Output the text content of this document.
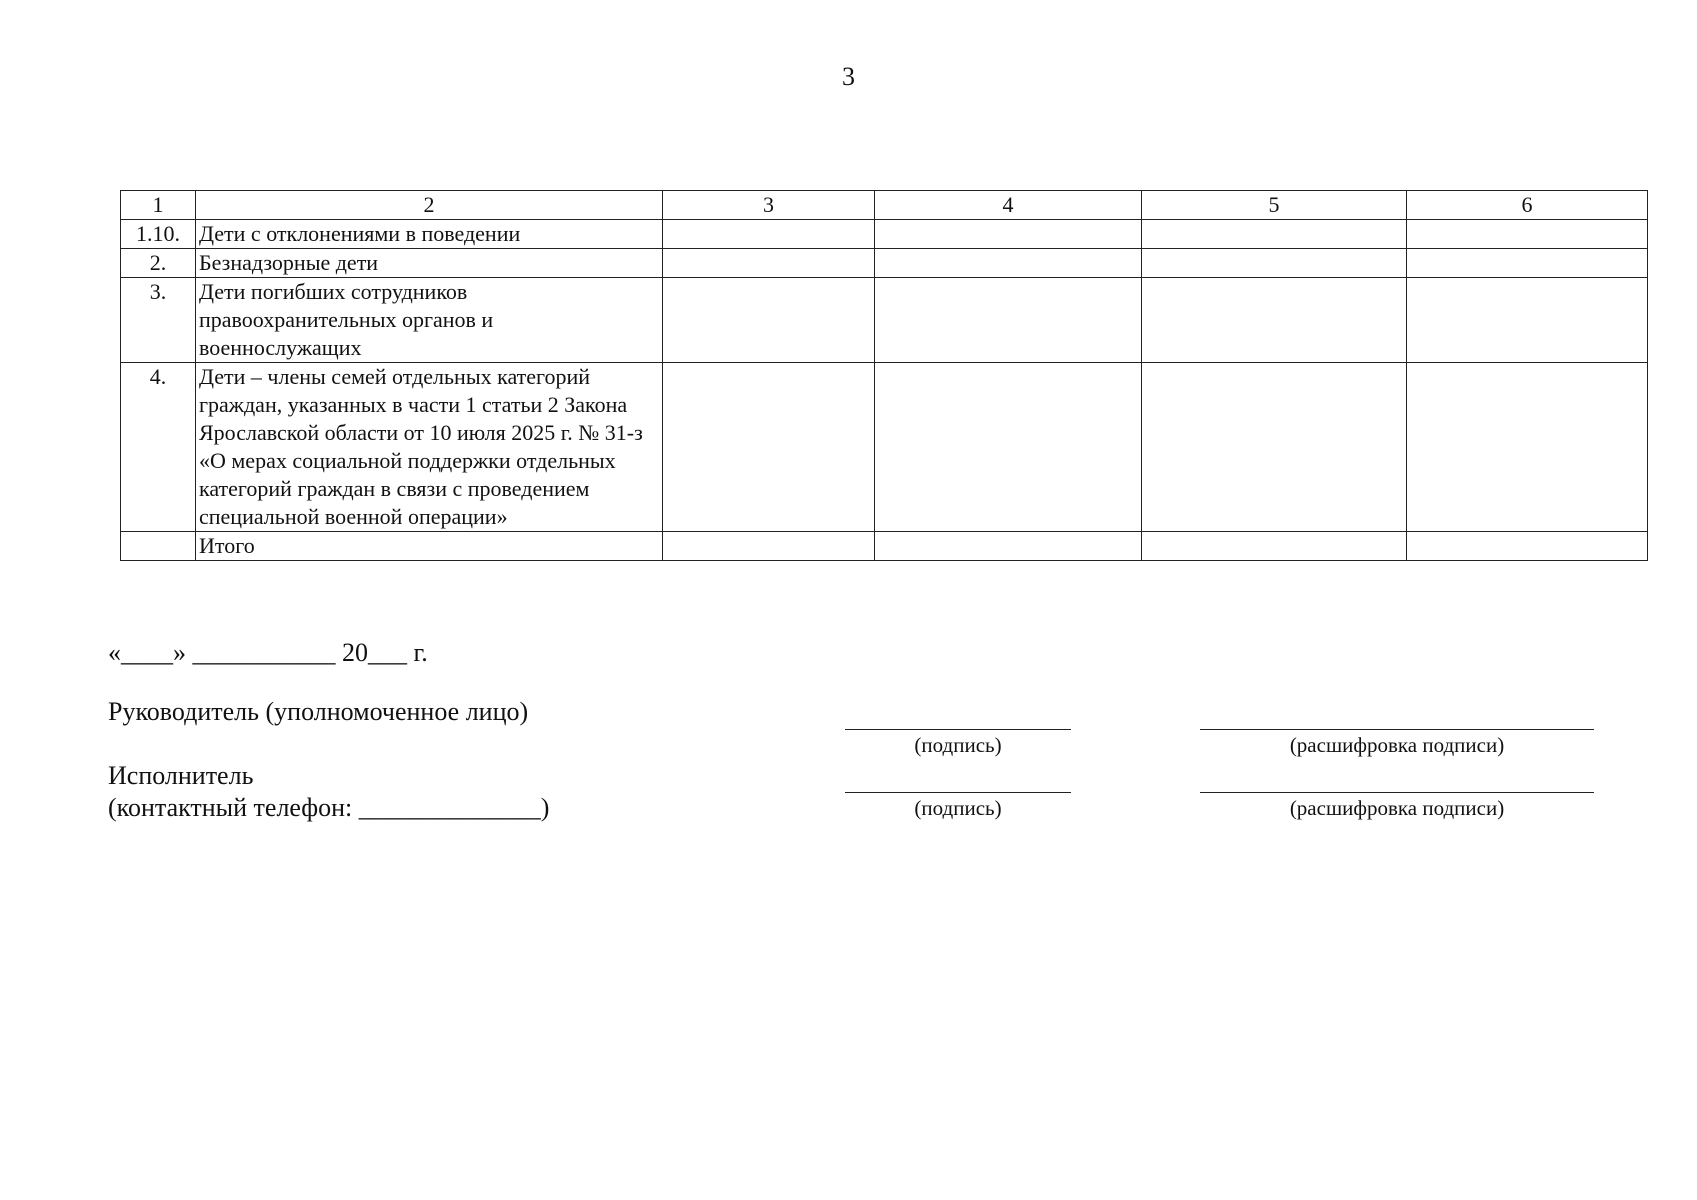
3
1	2	3	4	5	6
1.10.	Дети с отклонениями в поведении				
2.	Безнадзорные дети				
3.	Дети погибших сотрудников правоохранительных органов и военнослужащих				
4.	Дети – члены семей отдельных категорий граждан, указанных в части 1 статьи 2 Закона Ярославской области от 10 июля 2025 г. № 31-з «О мерах социальной поддержки отдельных категорий граждан в связи с проведением специальной военной операции»				
	Итого				
«____» ___________ 20___ г.
Руководитель (уполномоченное лицо)
(подпись)	(расшифровка подписи)
Исполнитель
(контактный телефон: ______________)	(подпись)	(расшифровка подписи)
